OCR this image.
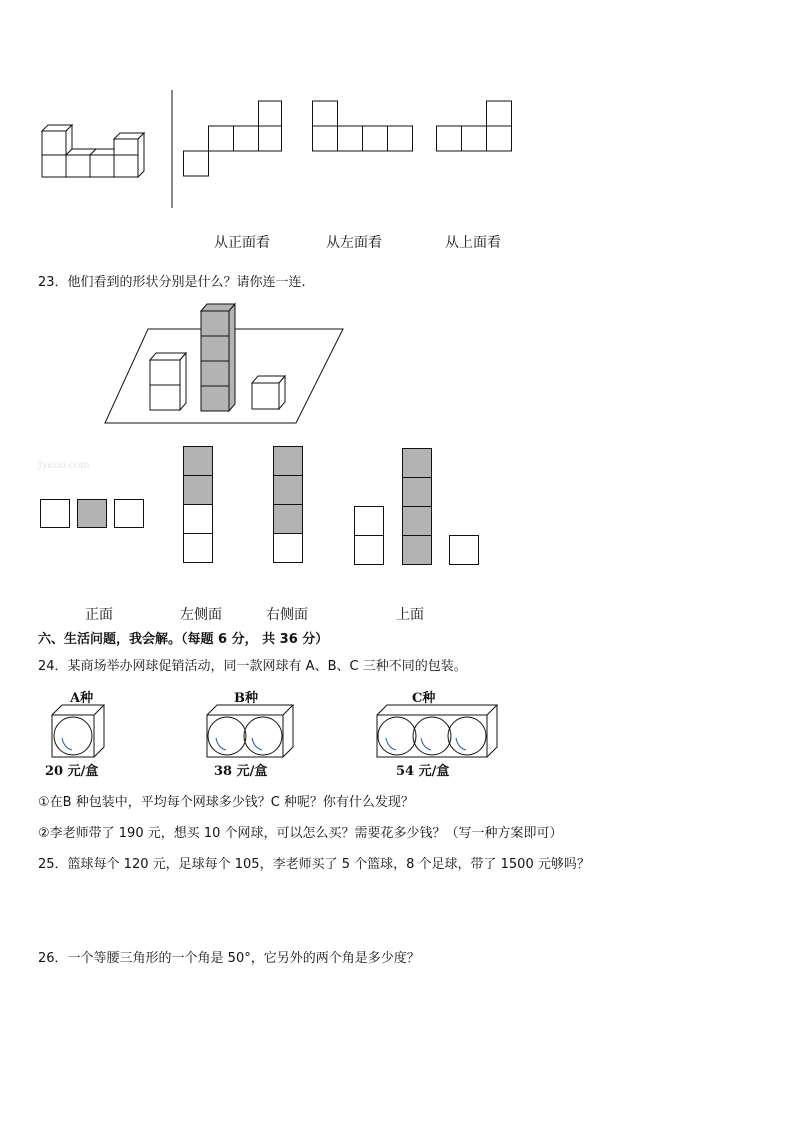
从正面看	从左面看	从上面看
23．他们看到的形状分别是什么？请你连一连.
Jyeoo.com
正面	左侧面	右侧面	上面
六、生活问题，我会解。（每题 6 分， 共 36 分）
24．某商场举办网球促销活动，同一款网球有 A、B、C 三种不同的包装。
A种
20 元/盒
B种
38 元/盒
C种
54 元/盒
①在B 种包装中，平均每个网球多少钱？C 种呢？你有什么发现？
②李老师带了 190 元，想买 10 个网球，可以怎么买？需要花多少钱？（写一种方案即可）
25．篮球每个 120 元，足球每个 105，李老师买了 5 个篮球，8 个足球，带了 1500 元够吗？
26．一个等腰三角形的一个角是 50°，它另外的两个角是多少度？
